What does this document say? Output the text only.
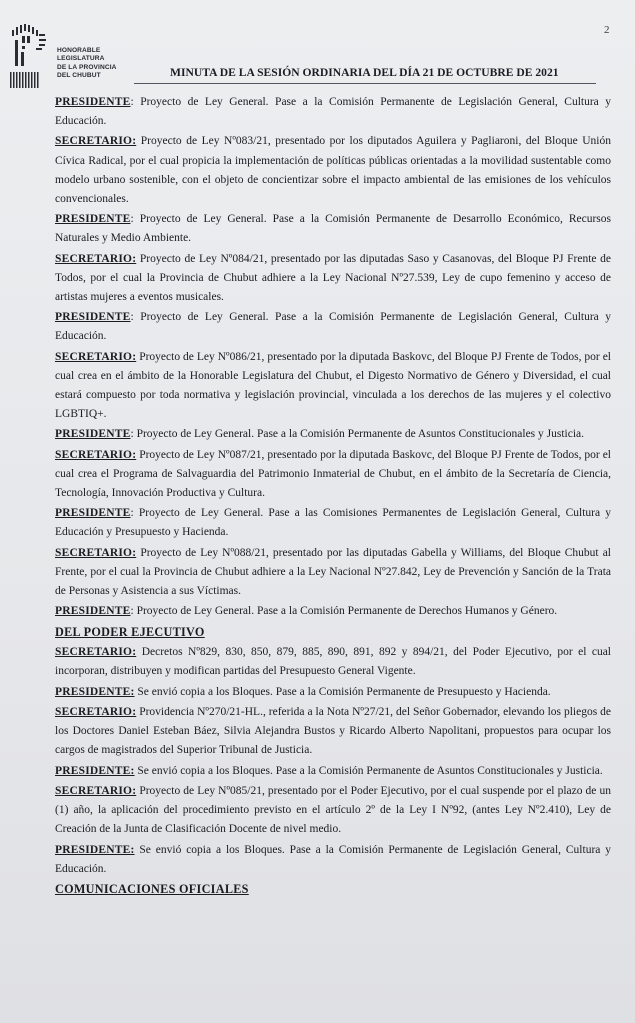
HONORABLE
LEGISLATURA
DE LA PROVINCIA
DEL CHUBUT
2
MINUTA DE LA SESIÓN ORDINARIA DEL DÍA 21 DE OCTUBRE DE 2021

PRESIDENTE: Proyecto de Ley General. Pase a la Comisión Permanente de Legislación General, Cultura y Educación.

SECRETARIO: Proyecto de Ley Nº083/21, presentado por los diputados Aguilera y Pagliaroni, del Bloque Unión Cívica Radical, por el cual propicia la implementación de políticas públicas orientadas a la movilidad sustentable como modelo urbano sostenible, con el objeto de concientizar sobre el impacto ambiental de las emisiones de los vehículos convencionales.

PRESIDENTE: Proyecto de Ley General. Pase a la Comisión Permanente de Desarrollo Económico, Recursos Naturales y Medio Ambiente.

SECRETARIO: Proyecto de Ley Nº084/21, presentado por las diputadas Saso y Casanovas, del Bloque PJ Frente de Todos, por el cual la Provincia de Chubut adhiere a la Ley Nacional Nº27.539, Ley de cupo femenino y acceso de artistas mujeres a eventos musicales.

PRESIDENTE: Proyecto de Ley General. Pase a la Comisión Permanente de Legislación General, Cultura y Educación.

SECRETARIO: Proyecto de Ley Nº086/21, presentado por la diputada Baskovc, del Bloque PJ Frente de Todos, por el cual crea en el ámbito de la Honorable Legislatura del Chubut, el Digesto Normativo de Género y Diversidad, el cual estará compuesto por toda normativa y legislación provincial, vinculada a los derechos de las mujeres y el colectivo LGBTIQ+.

PRESIDENTE: Proyecto de Ley General. Pase a la Comisión Permanente de Asuntos Constitucionales y Justicia.

SECRETARIO: Proyecto de Ley Nº087/21, presentado por la diputada Baskovc, del Bloque PJ Frente de Todos, por el cual crea el Programa de Salvaguardia del Patrimonio Inmaterial de Chubut, en el ámbito de la Secretaría de Ciencia, Tecnología, Innovación Productiva y Cultura.

PRESIDENTE: Proyecto de Ley General. Pase a las Comisiones Permanentes de Legislación General, Cultura y Educación y Presupuesto y Hacienda.

SECRETARIO: Proyecto de Ley Nº088/21, presentado por las diputadas Gabella y Williams, del Bloque Chubut al Frente, por el cual la Provincia de Chubut adhiere a la Ley Nacional Nº27.842, Ley de Prevención y Sanción de la Trata de Personas y Asistencia a sus Víctimas.

PRESIDENTE: Proyecto de Ley General. Pase a la Comisión Permanente de Derechos Humanos y Género.

DEL PODER EJECUTIVO

SECRETARIO: Decretos Nº829, 830, 850, 879, 885, 890, 891, 892 y 894/21, del Poder Ejecutivo, por el cual incorporan, distribuyen y modifican partidas del Presupuesto General Vigente.

PRESIDENTE: Se envió copia a los Bloques. Pase a la Comisión Permanente de Presupuesto y Hacienda.

SECRETARIO: Providencia Nº270/21-HL., referida a la Nota Nº27/21, del Señor Gobernador, elevando los pliegos de los Doctores Daniel Esteban Báez, Silvia Alejandra Bustos y Ricardo Alberto Napolitani, propuestos para ocupar los cargos de magistrados del Superior Tribunal de Justicia.

PRESIDENTE: Se envió copia a los Bloques. Pase a la Comisión Permanente de Asuntos Constitucionales y Justicia.

SECRETARIO: Proyecto de Ley Nº085/21, presentado por el Poder Ejecutivo, por el cual suspende por el plazo de un (1) año, la aplicación del procedimiento previsto en el artículo 2º de la Ley I Nº92, (antes Ley Nº2.410), Ley de Creación de la Junta de Clasificación Docente de nivel medio.

PRESIDENTE: Se envió copia a los Bloques. Pase a la Comisión Permanente de Legislación General, Cultura y Educación.

COMUNICACIONES OFICIALES
